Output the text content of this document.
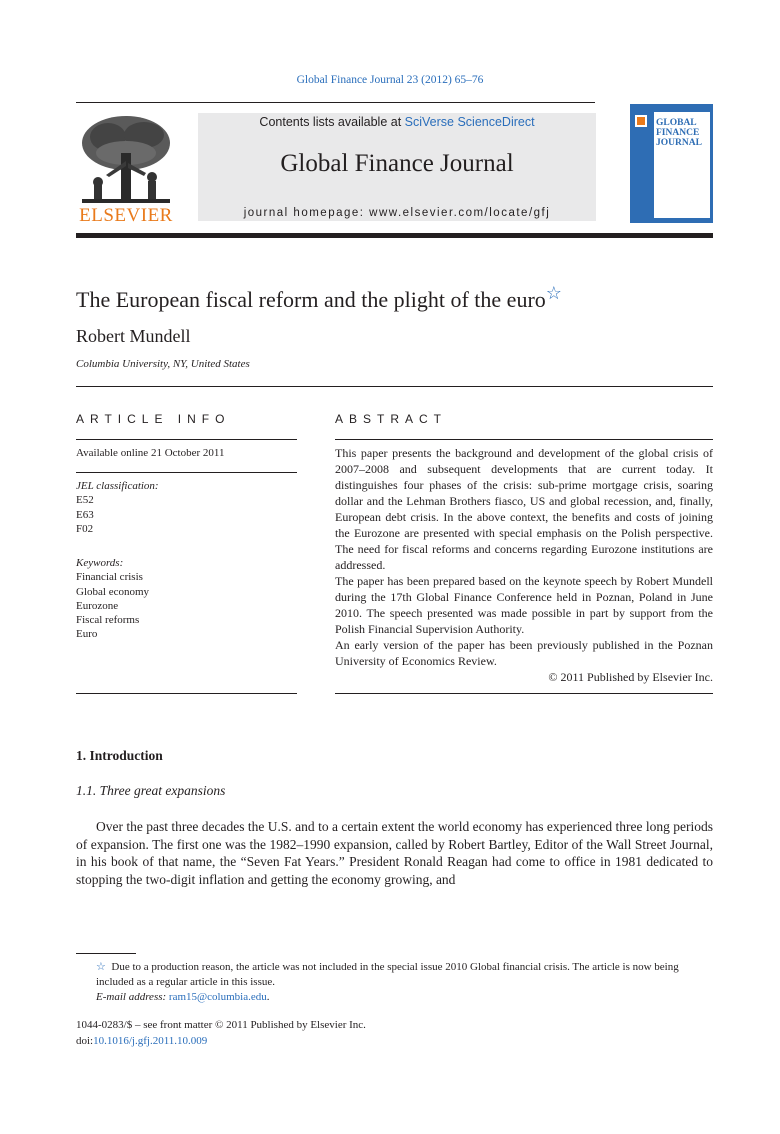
Global Finance Journal 23 (2012) 65–76
ELSEVIER
Contents lists available at SciVerse ScienceDirect
Global Finance Journal
journal homepage: www.elsevier.com/locate/gfj
GLOBAL
FINANCE
JOURNAL
The European fiscal reform and the plight of the euro☆
Robert Mundell
Columbia University, NY, United States
ARTICLE INFO
Available online 21 October 2011
JEL classification:
E52
E63
F02
Keywords:
Financial crisis
Global economy
Eurozone
Fiscal reforms
Euro
ABSTRACT

This paper presents the background and development of the global crisis of 2007–2008 and subsequent developments that are current today. It distinguishes four phases of the crisis: sub-prime mortgage crisis, soaring dollar and the Lehman Brothers fiasco, US and global recession, and, finally, European debt crisis. In the above context, the benefits and costs of joining the Eurozone are presented with special emphasis on the Polish perspective. The need for fiscal reforms and concerns regarding Eurozone institutions are addressed.

The paper has been prepared based on the keynote speech by Robert Mundell during the 17th Global Finance Conference held in Poznan, Poland in June 2010. The speech presented was made possible in part by support from the Polish Financial Supervision Authority.

An early version of the paper has been previously published in the Poznan University of Economics Review.

© 2011 Published by Elsevier Inc.

1. Introduction
1.1. Three great expansions
Over the past three decades the U.S. and to a certain extent the world economy has experienced three long periods of expansion. The first one was the 1982–1990 expansion, called by Robert Bartley, Editor of the Wall Street Journal, in his book of that name, the “Seven Fat Years.” President Ronald Reagan had come to office in 1981 dedicated to stopping the two-digit inflation and getting the economy growing, and

☆ Due to a production reason, the article was not included in the special issue 2010 Global financial crisis. The article is now being included as a regular article in this issue.

E-mail address: ram15@columbia.edu.

1044-0283/$ – see front matter © 2011 Published by Elsevier Inc.
doi:10.1016/j.gfj.2011.10.009
